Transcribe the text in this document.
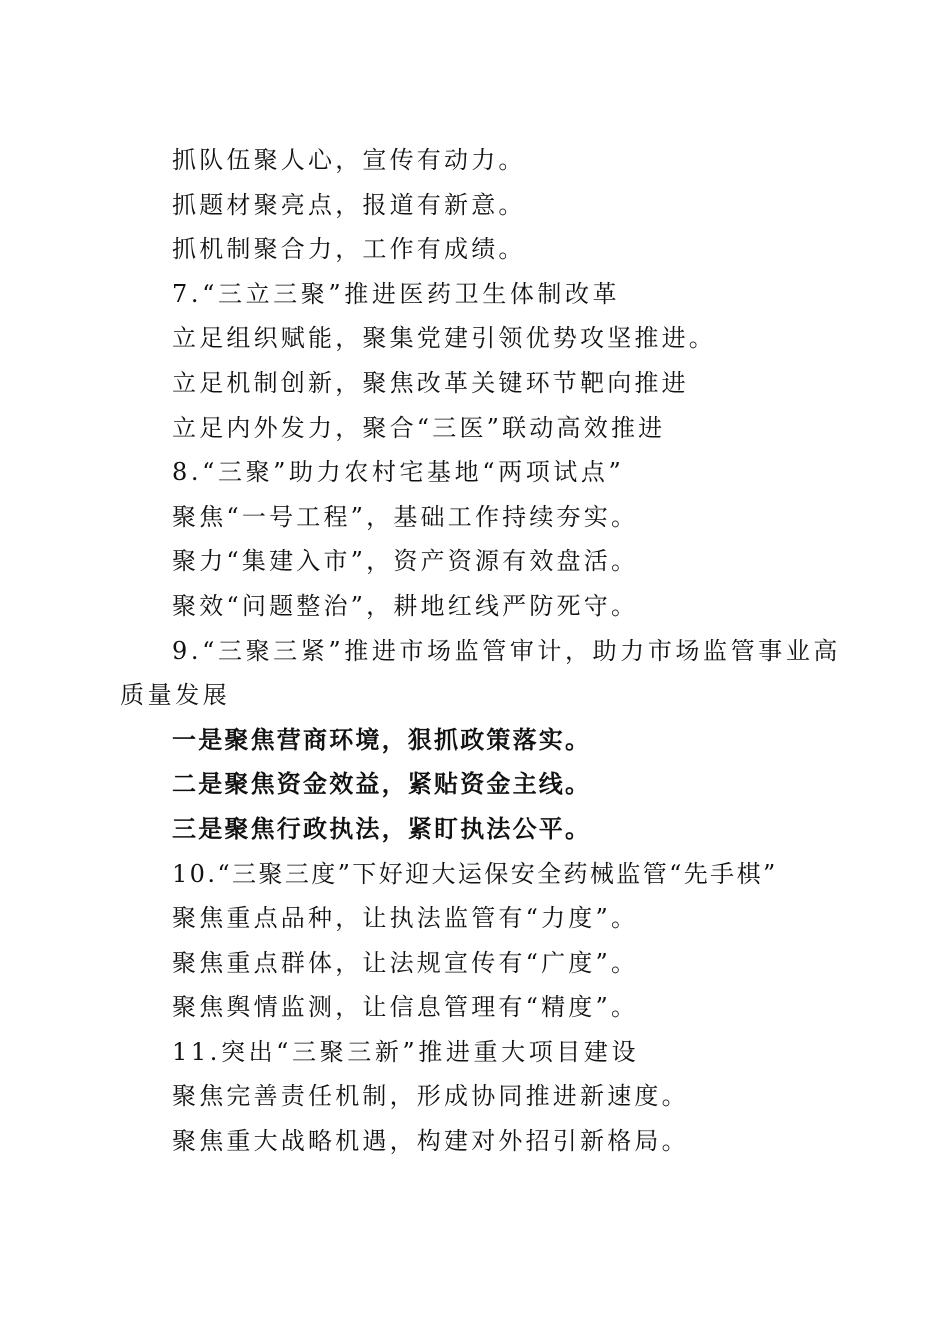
抓队伍聚人心，宣传有动力。
抓题材聚亮点，报道有新意。
抓机制聚合力，工作有成绩。
7.“三立三聚”推进医药卫生体制改革
立足组织赋能，聚集党建引领优势攻坚推进。
立足机制创新，聚焦改革关键环节靶向推进
立足内外发力，聚合“三医”联动高效推进
8.“三聚”助力农村宅基地“两项试点”
聚焦“一号工程”，基础工作持续夯实。
聚力“集建入市”，资产资源有效盘活。
聚效“问题整治”，耕地红线严防死守。
9.“三聚三紧”推进市场监管审计，助力市场监管事业高
质量发展
一是聚焦营商环境，狠抓政策落实。
二是聚焦资金效益，紧贴资金主线。
三是聚焦行政执法，紧盯执法公平。
10.“三聚三度”下好迎大运保安全药械监管“先手棋”
聚焦重点品种，让执法监管有“力度”。
聚焦重点群体，让法规宣传有“广度”。
聚焦舆情监测，让信息管理有“精度”。
11.突出“三聚三新”推进重大项目建设
聚焦完善责任机制，形成协同推进新速度。
聚焦重大战略机遇，构建对外招引新格局。
